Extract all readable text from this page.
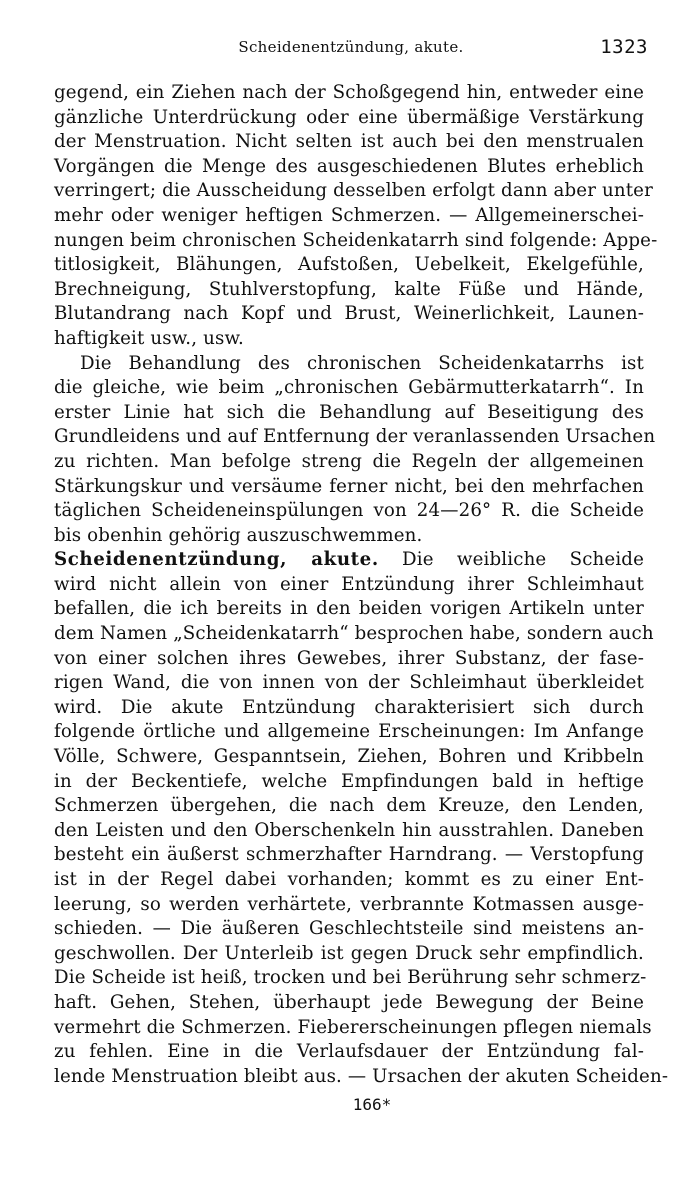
Scheidenentzündung, akute.	1323
gegend, ein Ziehen nach der Schoßgegend hin, entweder eine
gänzliche Unterdrückung oder eine übermäßige Verstärkung
der Menstruation. Nicht selten ist auch bei den menstrualen
Vorgängen die Menge des ausgeschiedenen Blutes erheblich
verringert; die Ausscheidung desselben erfolgt dann aber unter
mehr oder weniger heftigen Schmerzen. — Allgemeinerschei-
nungen beim chronischen Scheidenkatarrh sind folgende: Appe-
titlosigkeit, Blähungen, Aufstoßen, Uebelkeit, Ekelgefühle,
Brechneigung, Stuhlverstopfung, kalte Füße und Hände,
Blutandrang nach Kopf und Brust, Weinerlichkeit, Launen-
haftigkeit usw., usw.
Die Behandlung des chronischen Scheidenkatarrhs ist
die gleiche, wie beim „chronischen Gebärmutterkatarrh“. In
erster Linie hat sich die Behandlung auf Beseitigung des
Grundleidens und auf Entfernung der veranlassenden Ursachen
zu richten. Man befolge streng die Regeln der allgemeinen
Stärkungskur und versäume ferner nicht, bei den mehrfachen
täglichen Scheideneinspülungen von 24—26° R. die Scheide
bis obenhin gehörig auszuschwemmen.
Scheidenentzündung, akute. Die weibliche Scheide
wird nicht allein von einer Entzündung ihrer Schleimhaut
befallen, die ich bereits in den beiden vorigen Artikeln unter
dem Namen „Scheidenkatarrh“ besprochen habe, sondern auch
von einer solchen ihres Gewebes, ihrer Substanz, der fase-
rigen Wand, die von innen von der Schleimhaut überkleidet
wird. Die akute Entzündung charakterisiert sich durch
folgende örtliche und allgemeine Erscheinungen: Im Anfange
Völle, Schwere, Gespanntsein, Ziehen, Bohren und Kribbeln
in der Beckentiefe, welche Empfindungen bald in heftige
Schmerzen übergehen, die nach dem Kreuze, den Lenden,
den Leisten und den Oberschenkeln hin ausstrahlen. Daneben
besteht ein äußerst schmerzhafter Harndrang. — Verstopfung
ist in der Regel dabei vorhanden; kommt es zu einer Ent-
leerung, so werden verhärtete, verbrannte Kotmassen ausge-
schieden. — Die äußeren Geschlechtsteile sind meistens an-
geschwollen. Der Unterleib ist gegen Druck sehr empfindlich.
Die Scheide ist heiß, trocken und bei Berührung sehr schmerz-
haft. Gehen, Stehen, überhaupt jede Bewegung der Beine
vermehrt die Schmerzen. Fiebererscheinungen pflegen niemals
zu fehlen. Eine in die Verlaufsdauer der Entzündung fal-
lende Menstruation bleibt aus. — Ursachen der akuten Scheiden-
166*
